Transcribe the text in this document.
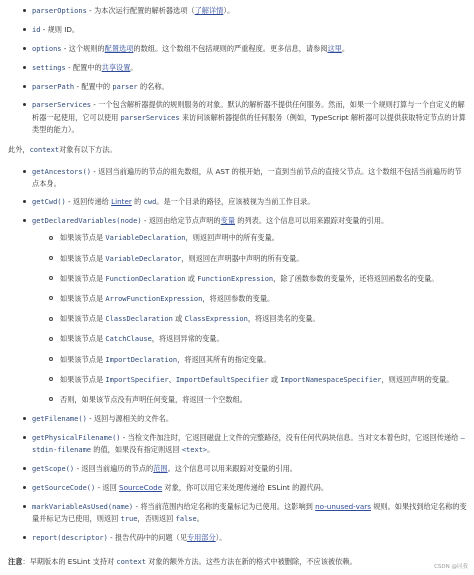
parserOptions - 为本次运行配置的解析器选项（了解详情）。
id - 规则 ID。
options - 这个规则的配置选项的数组。这个数组不包括规则的严重程度。更多信息，请参阅这里。
settings - 配置中的共享设置。
parserPath - 配置中的 parser 的名称。
parserServices - 一个包含解析器提供的规则服务的对象。默认的解析器不提供任何服务。然而，如果一个规则打算与一个自定义的解析器一起使用，它可以使用 parserServices 来访问该解析器提供的任何服务（例如，TypeScript 解析器可以提供获取特定节点的计算类型的能力）。
此外，context对象有以下方法。
getAncestors() - 返回当前遍历的节点的祖先数组，从 AST 的根开始，一直到当前节点的直接父节点。这个数组不包括当前遍历的节点本身。
getCwd() - 返回传递给 Linter 的 cwd。是一个目录的路径，应该被视为当前工作目录。
getDeclaredVariables(node) - 返回由给定节点声明的变量 的列表。这个信息可以用来跟踪对变量的引用。
如果该节点是 VariableDeclaration，则返回声明中的所有变量。
如果该节点是 VariableDeclarator，则返回在声明器中声明的所有变量。
如果该节点是 FunctionDeclaration 或 FunctionExpression，除了函数参数的变量外，还将返回函数名的变量。
如果该节点是 ArrowFunctionExpression，将返回参数的变量。
如果该节点是 ClassDeclaration 或 ClassExpression，将返回类名的变量。
如果该节点是 CatchClause，将返回异常的变量。
如果该节点是 ImportDeclaration，将返回其所有的指定变量。
如果该节点是 ImportSpecifier、ImportDefaultSpecifier 或 ImportNamespaceSpecifier，则返回声明的变量。
否则，如果该节点没有声明任何变量，将返回一个空数组。
getFilename() - 返回与源相关的文件名。
getPhysicalFilename() - 当检文件加注时，它返回磁盘上文件的完整路径，没有任何代码块信息。当对文本着色时，它返回传递给 —stdin-filename 的值，如果没有指定则返回 <text>。
getScope() - 返回当前遍历的节点的范围。这个信息可以用来跟踪对变量的引用。
getSourceCode() - 返回 SourceCode 对象，你可以用它来处理传递给 ESLint 的源代码。
markVariableAsUsed(name) - 将当前范围内给定名称的变量标记为已使用。这影响到 no-unused-vars 规则。如果找到给定名称的变量并标记为已使用，则返回 true，否则返回 false。
report(descriptor) - 报告代码中的问题（见专用部分）。
注意：早期版本的 ESLint 支持对 context 对象的额外方法。这些方法在新的格式中被删除，不应该被依赖。
CSDN @同我
